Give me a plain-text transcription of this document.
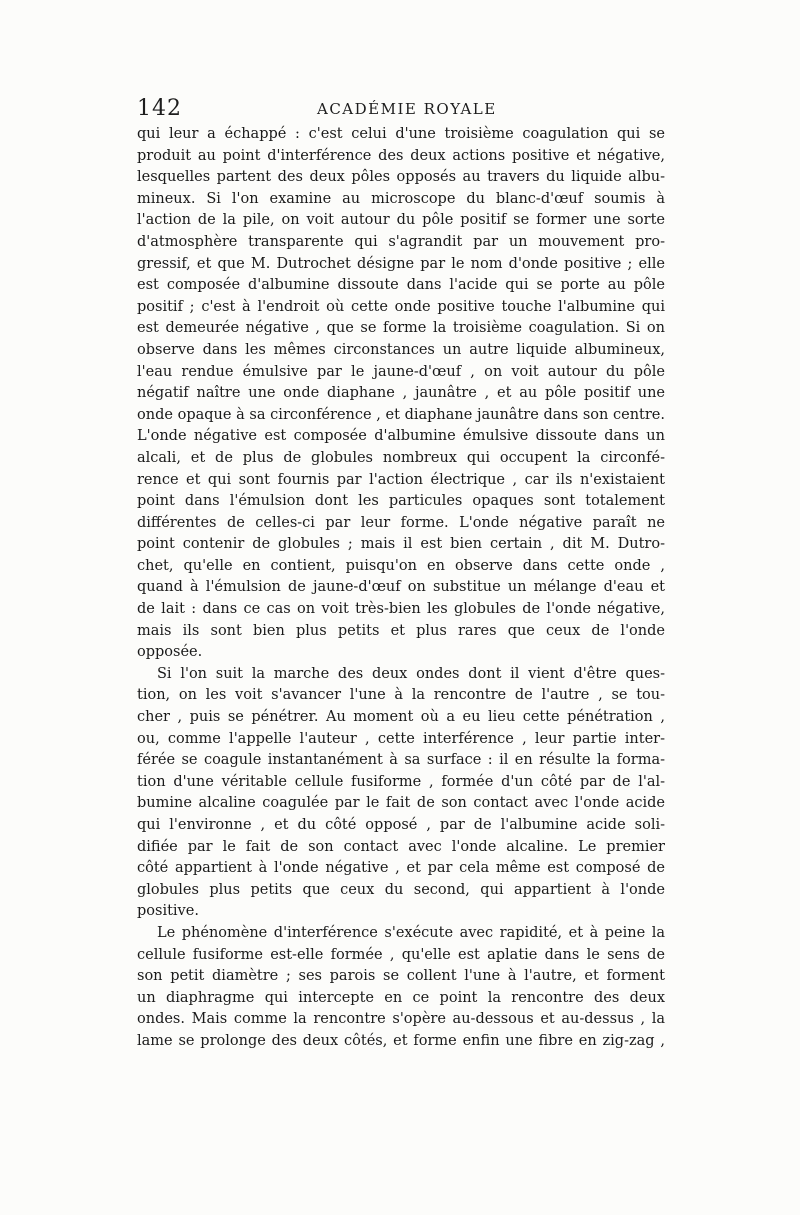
142	ACADÉMIE ROYALE
qui leur a échappé : c'est celui d'une troisième coagulation qui se
produit au point d'interférence des deux actions positive et négative,
lesquelles partent des deux pôles opposés au travers du liquide albu-
mineux. Si l'on examine au microscope du blanc-d'œuf soumis à
l'action de la pile, on voit autour du pôle positif se former une sorte
d'atmosphère transparente qui s'agrandit par un mouvement pro-
gressif, et que M. Dutrochet désigne par le nom d'onde positive ; elle
est composée d'albumine dissoute dans l'acide qui se porte au pôle
positif ; c'est à l'endroit où cette onde positive touche l'albumine qui
est demeurée négative , que se forme la troisième coagulation. Si on
observe dans les mêmes circonstances un autre liquide albumineux,
l'eau rendue émulsive par le jaune-d'œuf , on voit autour du pôle
négatif naître une onde diaphane , jaunâtre , et au pôle positif une
onde opaque à sa circonférence , et diaphane jaunâtre dans son centre.
L'onde négative est composée d'albumine émulsive dissoute dans un
alcali, et de plus de globules nombreux qui occupent la circonfé-
rence et qui sont fournis par l'action électrique , car ils n'existaient
point dans l'émulsion dont les particules opaques sont totalement
différentes de celles-ci par leur forme. L'onde négative paraît ne
point contenir de globules ; mais il est bien certain , dit M. Dutro-
chet, qu'elle en contient, puisqu'on en observe dans cette onde ,
quand à l'émulsion de jaune-d'œuf on substitue un mélange d'eau et
de lait : dans ce cas on voit très-bien les globules de l'onde négative,
mais ils sont bien plus petits et plus rares que ceux de l'onde
opposée.
Si l'on suit la marche des deux ondes dont il vient d'être ques-
tion, on les voit s'avancer l'une à la rencontre de l'autre , se tou-
cher , puis se pénétrer. Au moment où a eu lieu cette pénétration ,
ou, comme l'appelle l'auteur , cette interférence , leur partie inter-
férée se coagule instantanément à sa surface : il en résulte la forma-
tion d'une véritable cellule fusiforme , formée d'un côté par de l'al-
bumine alcaline coagulée par le fait de son contact avec l'onde acide
qui l'environne , et du côté opposé , par de l'albumine acide soli-
difiée par le fait de son contact avec l'onde alcaline. Le premier
côté appartient à l'onde négative , et par cela même est composé de
globules plus petits que ceux du second, qui appartient à l'onde
positive.
Le phénomène d'interférence s'exécute avec rapidité, et à peine la
cellule fusiforme est-elle formée , qu'elle est aplatie dans le sens de
son petit diamètre ; ses parois se collent l'une à l'autre, et forment
un diaphragme qui intercepte en ce point la rencontre des deux
ondes. Mais comme la rencontre s'opère au-dessous et au-dessus , la
lame se prolonge des deux côtés, et forme enfin une fibre en zig-zag ,
